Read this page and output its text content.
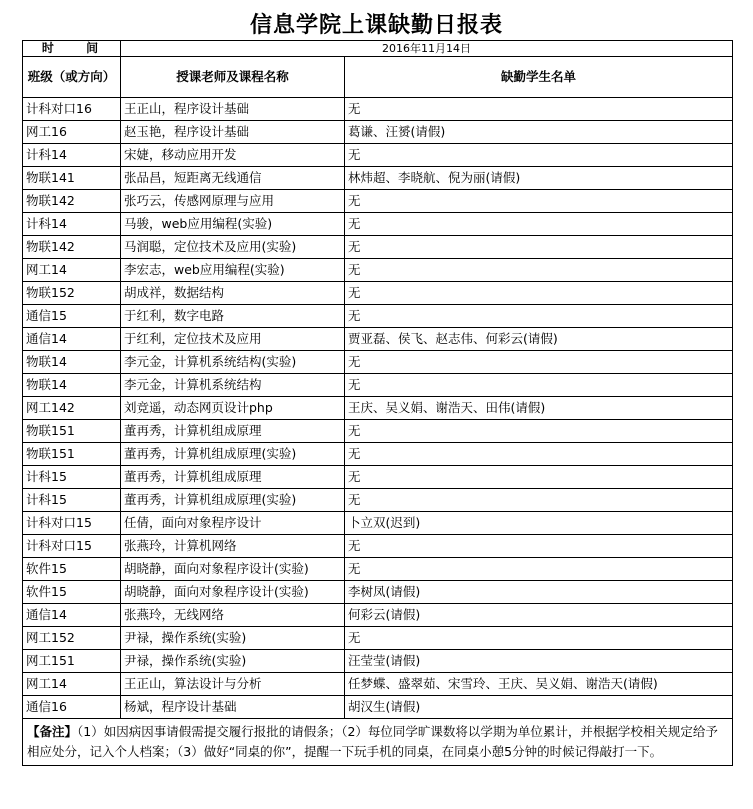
信息学院上课缺勤日报表
时 间	2016年11月14日	
班级（或方向）	授课老师及课程名称	缺勤学生名单
计科对口16	王正山，程序设计基础	无
网工16	赵玉艳，程序设计基础	葛谦、汪赟(请假)
计科14	宋婕，移动应用开发	无
物联141	张品昌，短距离无线通信	林炜超、李晓航、倪为丽(请假)
物联142	张巧云，传感网原理与应用	无
计科14	马骏，web应用编程(实验)	无
物联142	马润聪，定位技术及应用(实验)	无
网工14	李宏志，web应用编程(实验)	无
物联152	胡成祥，数据结构	无
通信15	于红利，数字电路	无
通信14	于红利，定位技术及应用	贾亚磊、侯飞、赵志伟、何彩云(请假)
物联14	李元金，计算机系统结构(实验)	无
物联14	李元金，计算机系统结构	无
网工142	刘竞遥，动态网页设计php	王庆、吴义娟、谢浩天、田伟(请假)
物联151	董再秀，计算机组成原理	无
物联151	董再秀，计算机组成原理(实验)	无
计科15	董再秀，计算机组成原理	无
计科15	董再秀，计算机组成原理(实验)	无
计科对口15	任倩，面向对象程序设计	卜立双(迟到)
计科对口15	张燕玲，计算机网络	无
软件15	胡晓静，面向对象程序设计(实验)	无
软件15	胡晓静，面向对象程序设计(实验)	李树凤(请假)
通信14	张燕玲，无线网络	何彩云(请假)
网工152	尹禄，操作系统(实验)	无
网工151	尹禄，操作系统(实验)	汪莹莹(请假)
网工14	王正山，算法设计与分析	任梦蝶、盛翠茹、宋雪玲、王庆、吴义娟、谢浩天(请假)
通信16	杨斌，程序设计基础	胡汉生(请假)
【备注】（1）如因病因事请假需提交履行报批的请假条；（2）每位同学旷课数将以学期为单位累计，并根据学校相关规定给予相应处分，记入个人档案；（3）做好“同桌的你”，提醒一下玩手机的同桌，在同桌小憩5分钟的时候记得敲打一下。		
